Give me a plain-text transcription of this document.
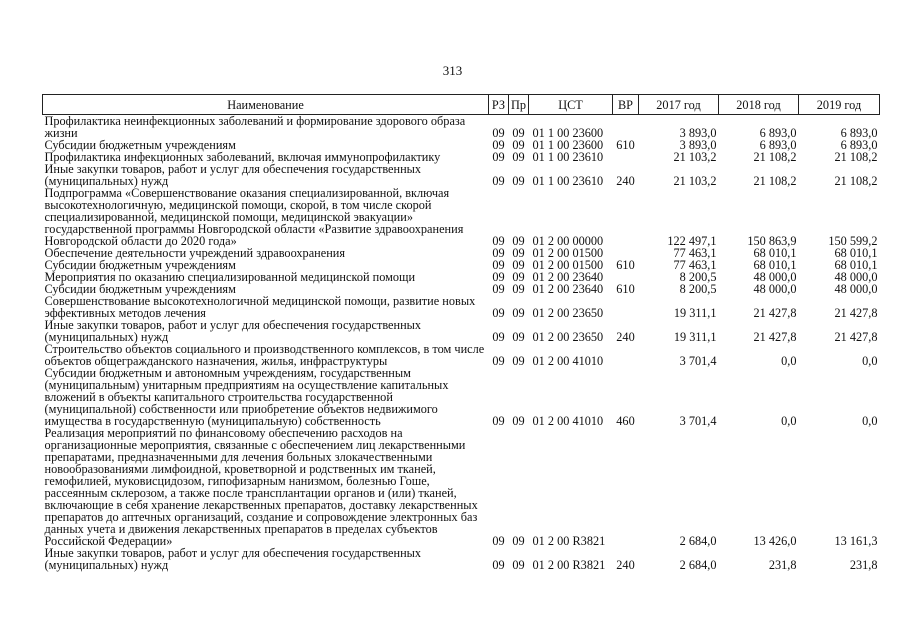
313
Наименование	РЗ	Пр	ЦСТ	ВР	2017 год	2018 год	2019 год
Профилактика неинфекционных заболеваний и формирование здорового образа жизни	09	09	01 1 00 23600		3 893,0	6 893,0	6 893,0
Субсидии бюджетным учреждениям	09	09	01 1 00 23600	610	3 893,0	6 893,0	6 893,0
Профилактика инфекционных заболеваний, включая иммунопрофилактику	09	09	01 1 00 23610		21 103,2	21 108,2	21 108,2
Иные закупки товаров, работ и услуг для обеспечения государственных (муниципальных) нужд	09	09	01 1 00 23610	240	21 103,2	21 108,2	21 108,2
Подпрограмма «Совершенствование оказания специализированной, включая высокотехнологичную, медицинской помощи, скорой, в том числе скорой специализированной, медицинской помощи, медицинской эвакуации» государственной программы Новгородской области «Развитие здравоохранения Новгородской области до 2020 года»	09	09	01 2 00 00000		122 497,1	150 863,9	150 599,2
Обеспечение деятельности учреждений здравоохранения	09	09	01 2 00 01500		77 463,1	68 010,1	68 010,1
Субсидии бюджетным учреждениям	09	09	01 2 00 01500	610	77 463,1	68 010,1	68 010,1
Мероприятия по оказанию специализированной медицинской помощи	09	09	01 2 00 23640		8 200,5	48 000,0	48 000,0
Субсидии бюджетным учреждениям	09	09	01 2 00 23640	610	8 200,5	48 000,0	48 000,0
Совершенствование высокотехнологичной медицинской помощи, развитие новых эффективных методов лечения	09	09	01 2 00 23650		19 311,1	21 427,8	21 427,8
Иные закупки товаров, работ и услуг для обеспечения государственных (муниципальных) нужд	09	09	01 2 00 23650	240	19 311,1	21 427,8	21 427,8
Строительство объектов социального и производственного комплексов, в том числе объектов общегражданского назначения, жилья, инфраструктуры	09	09	01 2 00 41010		3 701,4	0,0	0,0
Субсидии бюджетным и автономным учреждениям, государственным (муниципальным) унитарным предприятиям на осуществление капитальных вложений в объекты капитального строительства государственной (муниципальной) собственности или приобретение объектов недвижимого имущества в государственную (муниципальную) собственность	09	09	01 2 00 41010	460	3 701,4	0,0	0,0
Реализация мероприятий по финансовому обеспечению расходов на организационные мероприятия, связанные с обеспечением лиц лекарственными препаратами, предназначенными для лечения больных злокачественными новообразованиями лимфоидной, кроветворной и родственных им тканей, гемофилией, муковисцидозом, гипофизарным нанизмом, болезнью Гоше, рассеянным склерозом, а также после трансплантации органов и (или) тканей, включающие в себя хранение лекарственных препаратов, доставку лекарственных препаратов до аптечных организаций, создание и сопровождение электронных баз данных учета и движения лекарственных препаратов в пределах субъектов Российской Федерации»	09	09	01 2 00 R3821		2 684,0	13 426,0	13 161,3
Иные закупки товаров, работ и услуг для обеспечения государственных (муниципальных) нужд	09	09	01 2 00 R3821	240	2 684,0	231,8	231,8
